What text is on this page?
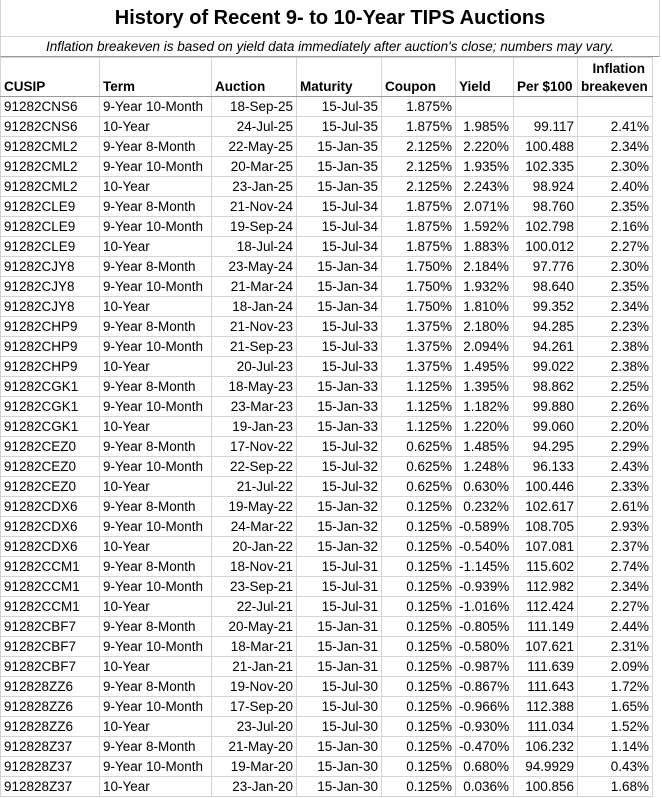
History of Recent 9- to 10-Year TIPS Auctions
Inflation breakeven is based on yield data immediately after auction's close; numbers may vary.
CUSIP	Term	Auction	Maturity	Coupon	Yield	Per $100	Inflation breakeven
91282CNS6	9-Year 10-Month	18-Sep-25	15-Jul-35	1.875%			
91282CNS6	10-Year	24-Jul-25	15-Jul-35	1.875%	1.985%	99.117	2.41%
91282CML2	9-Year 8-Month	22-May-25	15-Jan-35	2.125%	2.220%	100.488	2.34%
91282CML2	9-Year 10-Month	20-Mar-25	15-Jan-35	2.125%	1.935%	102.335	2.30%
91282CML2	10-Year	23-Jan-25	15-Jan-35	2.125%	2.243%	98.924	2.40%
91282CLE9	9-Year 8-Month	21-Nov-24	15-Jul-34	1.875%	2.071%	98.760	2.35%
91282CLE9	9-Year 10-Month	19-Sep-24	15-Jul-34	1.875%	1.592%	102.798	2.16%
91282CLE9	10-Year	18-Jul-24	15-Jul-34	1.875%	1.883%	100.012	2.27%
91282CJY8	9-Year 8-Month	23-May-24	15-Jan-34	1.750%	2.184%	97.776	2.30%
91282CJY8	9-Year 10-Month	21-Mar-24	15-Jan-34	1.750%	1.932%	98.640	2.35%
91282CJY8	10-Year	18-Jan-24	15-Jan-34	1.750%	1.810%	99.352	2.34%
91282CHP9	9-Year 8-Month	21-Nov-23	15-Jul-33	1.375%	2.180%	94.285	2.23%
91282CHP9	9-Year 10-Month	21-Sep-23	15-Jul-33	1.375%	2.094%	94.261	2.38%
91282CHP9	10-Year	20-Jul-23	15-Jul-33	1.375%	1.495%	99.022	2.38%
91282CGK1	9-Year 8-Month	18-May-23	15-Jan-33	1.125%	1.395%	98.862	2.25%
91282CGK1	9-Year 10-Month	23-Mar-23	15-Jan-33	1.125%	1.182%	99.880	2.26%
91282CGK1	10-Year	19-Jan-23	15-Jan-33	1.125%	1.220%	99.060	2.20%
91282CEZ0	9-Year 8-Month	17-Nov-22	15-Jul-32	0.625%	1.485%	94.295	2.29%
91282CEZ0	9-Year 10-Month	22-Sep-22	15-Jul-32	0.625%	1.248%	96.133	2.43%
91282CEZ0	10-Year	21-Jul-22	15-Jul-32	0.625%	0.630%	100.446	2.33%
91282CDX6	9-Year 8-Month	19-May-22	15-Jan-32	0.125%	0.232%	102.617	2.61%
91282CDX6	9-Year 10-Month	24-Mar-22	15-Jan-32	0.125%	-0.589%	108.705	2.93%
91282CDX6	10-Year	20-Jan-22	15-Jan-32	0.125%	-0.540%	107.081	2.37%
91282CCM1	9-Year 8-Month	18-Nov-21	15-Jul-31	0.125%	-1.145%	115.602	2.74%
91282CCM1	9-Year 10-Month	23-Sep-21	15-Jul-31	0.125%	-0.939%	112.982	2.34%
91282CCM1	10-Year	22-Jul-21	15-Jul-31	0.125%	-1.016%	112.424	2.27%
91282CBF7	9-Year 8-Month	20-May-21	15-Jan-31	0.125%	-0.805%	111.149	2.44%
91282CBF7	9-Year 10-Month	18-Mar-21	15-Jan-31	0.125%	-0.580%	107.621	2.31%
91282CBF7	10-Year	21-Jan-21	15-Jan-31	0.125%	-0.987%	111.639	2.09%
912828ZZ6	9-Year 8-Month	19-Nov-20	15-Jul-30	0.125%	-0.867%	111.643	1.72%
912828ZZ6	9-Year 10-Month	17-Sep-20	15-Jul-30	0.125%	-0.966%	112.388	1.65%
912828ZZ6	10-Year	23-Jul-20	15-Jul-30	0.125%	-0.930%	111.034	1.52%
912828Z37	9-Year 8-Month	21-May-20	15-Jan-30	0.125%	-0.470%	106.232	1.14%
912828Z37	9-Year 10-Month	19-Mar-20	15-Jan-30	0.125%	0.680%	94.9929	0.43%
912828Z37	10-Year	23-Jan-20	15-Jan-30	0.125%	0.036%	100.856	1.68%
